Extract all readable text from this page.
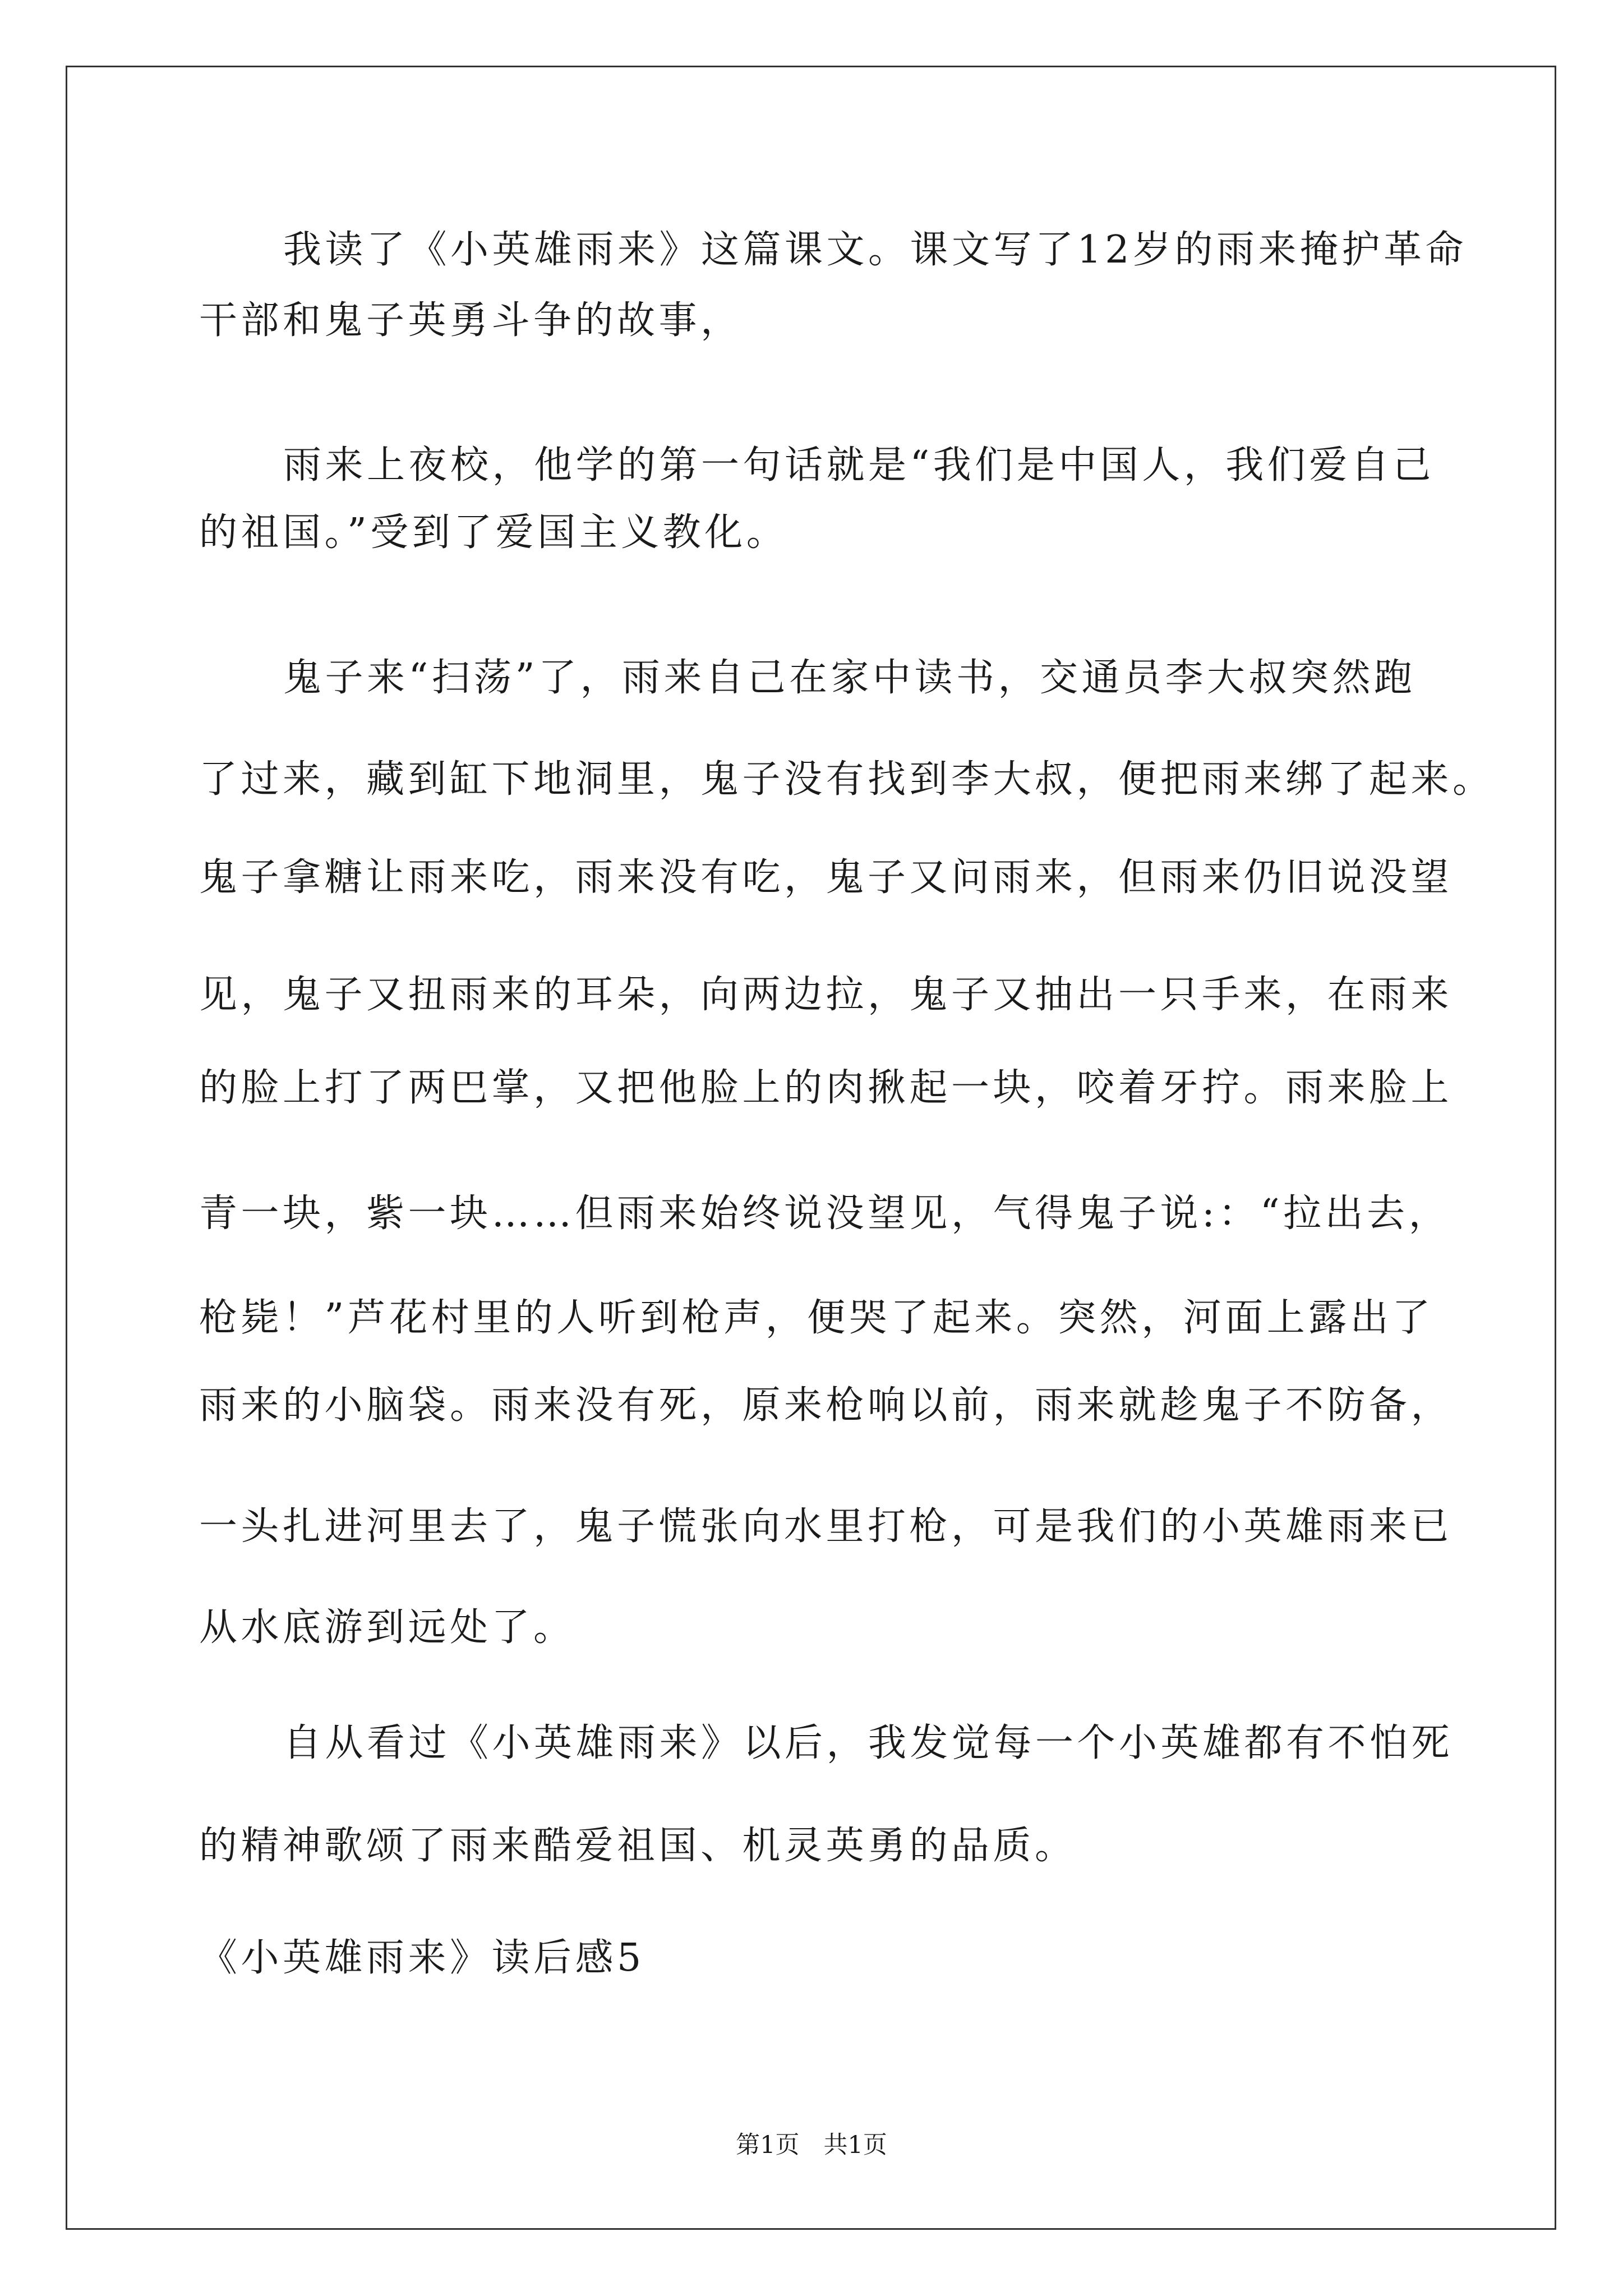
我读了《小英雄雨来》这篇课文。课文写了12岁的雨来掩护革命
干部和鬼子英勇斗争的故事，
雨来上夜校，他学的第一句话就是“我们是中国人，我们爱自己
的祖国。”受到了爱国主义教化。
鬼子来“扫荡”了，雨来自己在家中读书，交通员李大叔突然跑
了过来，藏到缸下地洞里，鬼子没有找到李大叔，便把雨来绑了起来。
鬼子拿糖让雨来吃，雨来没有吃，鬼子又问雨来，但雨来仍旧说没望
见，鬼子又扭雨来的耳朵，向两边拉，鬼子又抽出一只手来，在雨来
的脸上打了两巴掌，又把他脸上的肉揪起一块，咬着牙拧。雨来脸上
青一块，紫一块……但雨来始终说没望见，气得鬼子说:：“拉出去，
枪毙！”芦花村里的人听到枪声，便哭了起来。突然，河面上露出了
雨来的小脑袋。雨来没有死，原来枪响以前，雨来就趁鬼子不防备，
一头扎进河里去了，鬼子慌张向水里打枪，可是我们的小英雄雨来已
从水底游到远处了。
自从看过《小英雄雨来》以后，我发觉每一个小英雄都有不怕死
的精神歌颂了雨来酷爱祖国、机灵英勇的品质。
《小英雄雨来》读后感5
第1页　共1页
